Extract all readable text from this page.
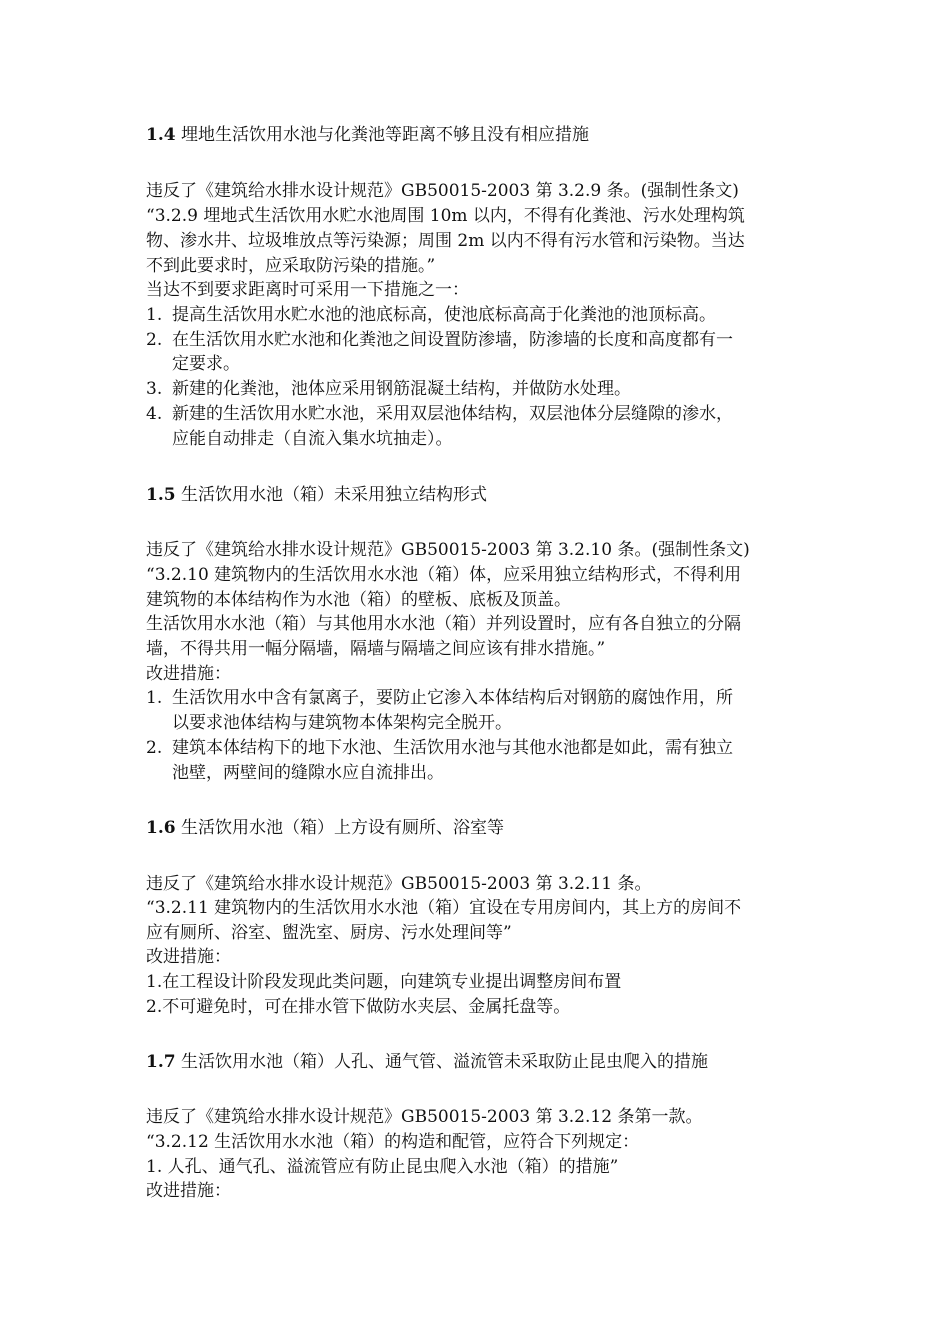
1.4 埋地生活饮用水池与化粪池等距离不够且没有相应措施
违反了《建筑给水排水设计规范》GB50015-2003 第 3.2.9 条。(强制性条文)
“3.2.9 埋地式生活饮用水贮水池周围 10m 以内，不得有化粪池、污水处理构筑
物、渗水井、垃圾堆放点等污染源；周围 2m 以内不得有污水管和污染物。当达
不到此要求时，应采取防污染的措施。”
当达不到要求距离时可采用一下措施之一：
1. 提高生活饮用水贮水池的池底标高，使池底标高高于化粪池的池顶标高。
2. 在生活饮用水贮水池和化粪池之间设置防渗墙，防渗墙的长度和高度都有一
定要求。
3. 新建的化粪池，池体应采用钢筋混凝土结构，并做防水处理。
4. 新建的生活饮用水贮水池，采用双层池体结构，双层池体分层缝隙的渗水，
应能自动排走（自流入集水坑抽走）。
1.5 生活饮用水池（箱）未采用独立结构形式
违反了《建筑给水排水设计规范》GB50015-2003 第 3.2.10 条。(强制性条文)
“3.2.10 建筑物内的生活饮用水水池（箱）体，应采用独立结构形式，不得利用
建筑物的本体结构作为水池（箱）的壁板、底板及顶盖。
生活饮用水水池（箱）与其他用水水池（箱）并列设置时，应有各自独立的分隔
墙，不得共用一幅分隔墙，隔墙与隔墙之间应该有排水措施。”
改进措施：
1. 生活饮用水中含有氯离子，要防止它渗入本体结构后对钢筋的腐蚀作用，所
以要求池体结构与建筑物本体架构完全脱开。
2. 建筑本体结构下的地下水池、生活饮用水池与其他水池都是如此，需有独立
池壁，两壁间的缝隙水应自流排出。
1.6 生活饮用水池（箱）上方设有厕所、浴室等
违反了《建筑给水排水设计规范》GB50015-2003 第 3.2.11 条。
“3.2.11 建筑物内的生活饮用水水池（箱）宜设在专用房间内，其上方的房间不
应有厕所、浴室、盥洗室、厨房、污水处理间等”
改进措施：
1.在工程设计阶段发现此类问题，向建筑专业提出调整房间布置
2.不可避免时，可在排水管下做防水夹层、金属托盘等。
1.7 生活饮用水池（箱）人孔、通气管、溢流管未采取防止昆虫爬入的措施
违反了《建筑给水排水设计规范》GB50015-2003 第 3.2.12 条第一款。
“3.2.12 生活饮用水水池（箱）的构造和配管，应符合下列规定：
1. 人孔、通气孔、溢流管应有防止昆虫爬入水池（箱）的措施”
改进措施：
